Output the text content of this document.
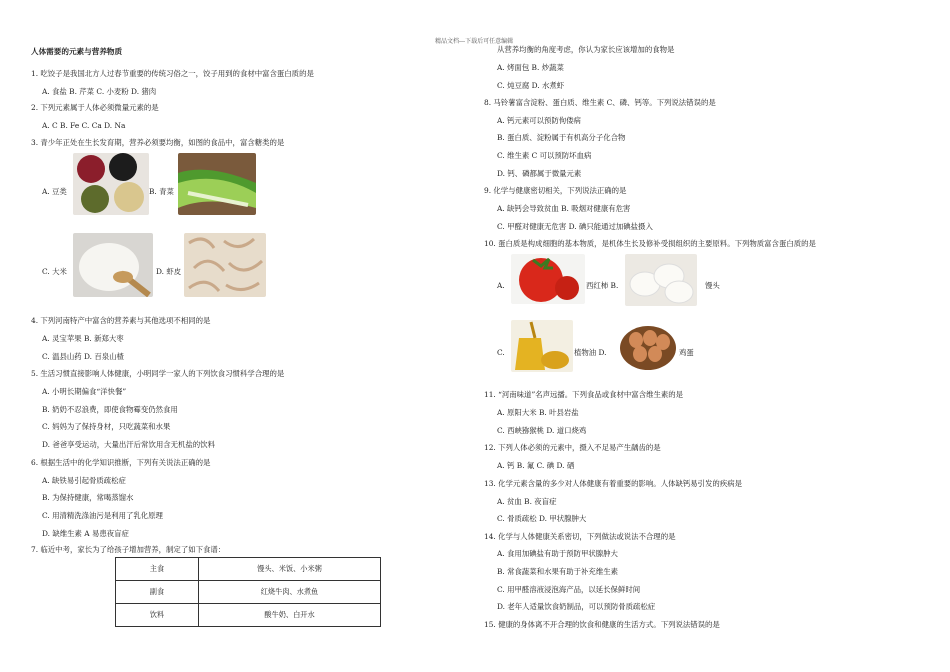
精品文档---下载后可任意编辑
人体需要的元素与营养物质
1. 吃饺子是我国北方人过春节重要的传统习俗之一，饺子用到的食材中富含蛋白质的是
A. 食盐 B. 芹菜 C. 小麦粉 D. 猪肉
2. 下列元素属于人体必须微量元素的是
A. C B. Fe C. Ca D. Na
3. 青少年正处在生长发育期，营养必须要均衡，如图的食品中，富含糖类的是
4. 下列河南特产中富含的营养素与其他选项不相同的是
A. 灵宝苹果 B. 新郑大枣
C. 温县山药 D. 百泉山楂
5. 生活习惯直接影响人体健康，小明同学一家人的下列饮食习惯科学合理的是
A. 小明长期偏食“洋快餐”
B. 奶奶不忍浪费，即使食物霉变仍然食用
C. 妈妈为了保持身材，只吃蔬菜和水果
D. 爸爸享受运动，大量出汗后常饮用含无机盐的饮料
6. 根据生活中的化学知识推断，下列有关说法正确的是
A. 缺铁易引起骨质疏松症
B. 为保持健康，常喝蒸馏水
C. 用清精洗涤油污是利用了乳化原理
D. 缺维生素 A 易患夜盲症
7. 临近中考，家长为了给孩子增加营养，制定了如下食谱：
A. 豆类	B. 青菜
C. 大米	D. 虾皮
从营养均衡的角度考虑，你认为家长应该增加的食物是
A. 烤面包 B. 炒蔬菜
C. 炖豆腐 D. 水煮虾
8. 马铃薯富含淀粉、蛋白质、维生素 C、磷、钙等。下列说法错误的是
A. 钙元素可以预防佝偻病
B. 蛋白质、淀粉属于有机高分子化合物
C. 维生素 C 可以预防坏血病
D. 钙、磷都属于微量元素
9. 化学与健康密切相关，下列说法正确的是
A. 缺钙会导致贫血 B. 吸烟对健康有危害
C. 甲醛对健康无危害 D. 碘只能通过加碘盐摄入
10. 蛋白质是构成细胞的基本物质，是机体生长及修补受损组织的主要原料。下列物质富含蛋白质的是
11. “河南味道”名声远播。下列食品或食材中富含维生素的是
A. 原阳大米 B. 叶县岩盐
C. 西峡猕猴桃 D. 道口烧鸡
12. 下列人体必须的元素中，摄入不足易产生龋齿的是
A. 钙 B. 氟 C. 碘 D. 硒
13. 化学元素含量的多少对人体健康有着重要的影响。人体缺钙易引发的疾病是
A. 贫血 B. 夜盲症
C. 骨质疏松 D. 甲状腺肿大
14. 化学与人体健康关系密切，下列做法或说法不合理的是
A. 食用加碘盐有助于预防甲状腺肿大
B. 常食蔬菜和水果有助于补充维生素
C. 用甲醛溶液浸泡海产品，以延长保鲜时间
D. 老年人适量饮食奶制品，可以预防骨质疏松症
15. 健康的身体离不开合理的饮食和健康的生活方式。下列说法错误的是
A.	西红柿 B.	馒头
C.	植物油 D.	鸡蛋
主食	馒头、米饭、小米粥
副食	红烧牛肉、水煮鱼
饮料	酸牛奶、白开水
